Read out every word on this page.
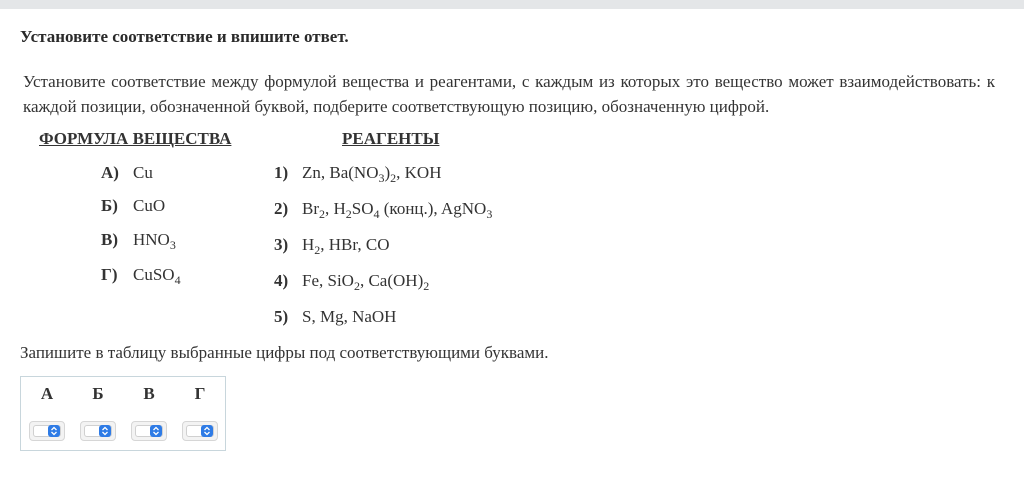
Установите соответствие и впишите ответ.
Установите соответствие между формулой вещества и реагентами, с каждым из которых это вещество может взаимодействовать: к каждой позиции, обозначенной буквой, подберите соответствующую позицию, обозначенную цифрой.
ФОРМУЛА ВЕЩЕСТВА	РЕАГЕНТЫ
А) Cu
Б) CuO
В) $HNO_3$
Г) CuSO$_4$
1) Zn, $Ba(NO_3)_2$, KOH
2) $Br_2$, $H_2SO_4$ (конц.), AgNO$_3$
3) $H_2$, HBr, CO
4) Fe, SiO$_2$, $Ca(OH)_2$
5) S, Mg, NaOH
Запишите в таблицу выбранные цифры под соответствующими буквами.
А	Б	В	Г
